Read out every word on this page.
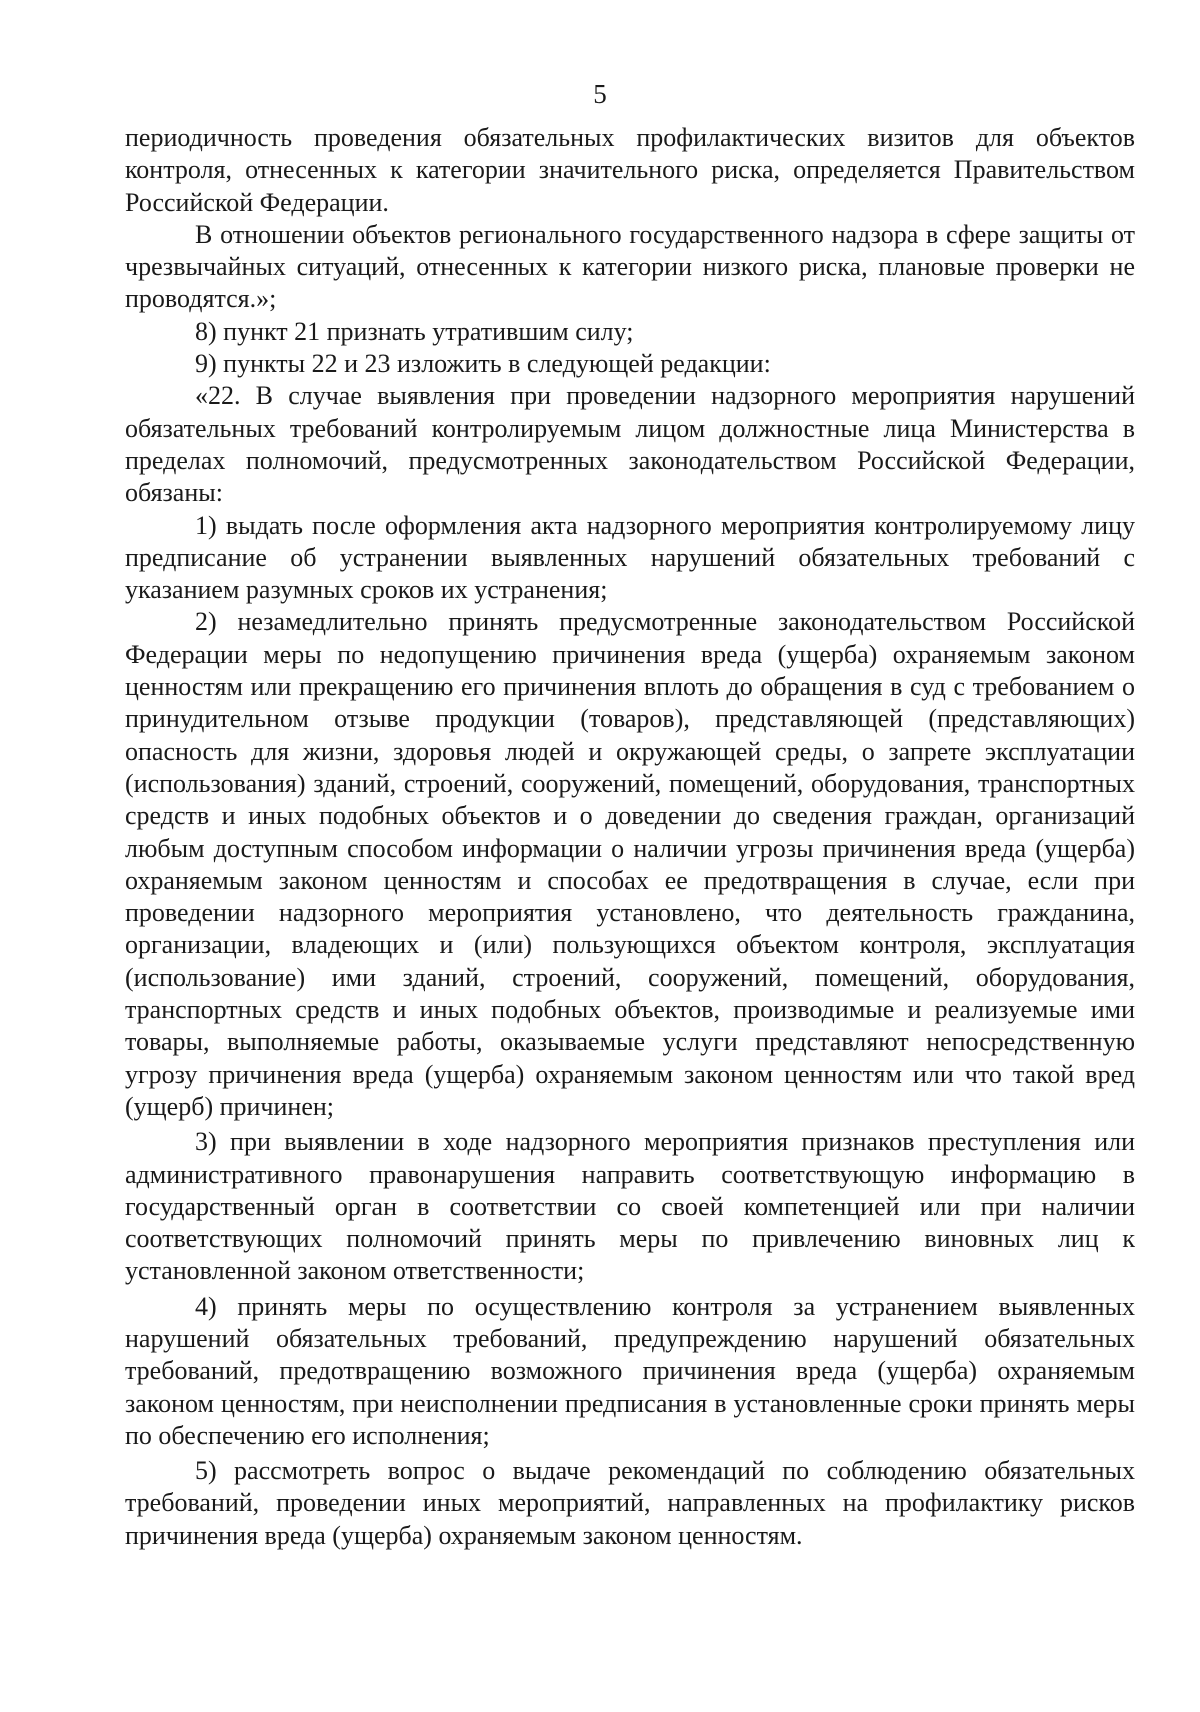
5

периодичность проведения обязательных профилактических визитов для объектов контроля, отнесенных к категории значительного риска, определяется Правительством Российской Федерации.

В отношении объектов регионального государственного надзора в сфере защиты от чрезвычайных ситуаций, отнесенных к категории низкого риска, плановые проверки не проводятся.»;

8) пункт 21 признать утратившим силу;

9) пункты 22 и 23 изложить в следующей редакции:

«22. В случае выявления при проведении надзорного мероприятия нарушений обязательных требований контролируемым лицом должностные лица Министерства в пределах полномочий, предусмотренных законодательством Российской Федерации, обязаны:

1) выдать после оформления акта надзорного мероприятия контролируемому лицу предписание об устранении выявленных нарушений обязательных требований с указанием разумных сроков их устранения;

2) незамедлительно принять предусмотренные законодательством Российской Федерации меры по недопущению причинения вреда (ущерба) охраняемым законом ценностям или прекращению его причинения вплоть до обращения в суд с требованием о принудительном отзыве продукции (товаров), представляющей (представляющих) опасность для жизни, здоровья людей и окружающей среды, о запрете эксплуатации (использования) зданий, строений, сооружений, помещений, оборудования, транспортных средств и иных подобных объектов и о доведении до сведения граждан, организаций любым доступным способом информации о наличии угрозы причинения вреда (ущерба) охраняемым законом ценностям и способах ее предотвращения в случае, если при проведении надзорного мероприятия установлено, что деятельность гражданина, организации, владеющих и (или) пользующихся объектом контроля, эксплуатация (использование) ими зданий, строений, сооружений, помещений, оборудования, транспортных средств и иных подобных объектов, производимые и реализуемые ими товары, выполняемые работы, оказываемые услуги представляют непосредственную угрозу причинения вреда (ущерба) охраняемым законом ценностям или что такой вред (ущерб) причинен;

3) при выявлении в ходе надзорного мероприятия признаков преступления или административного правонарушения направить соответствующую информацию в государственный орган в соответствии со своей компетенцией или при наличии соответствующих полномочий принять меры по привлечению виновных лиц к установленной законом ответственности;

4) принять меры по осуществлению контроля за устранением выявленных нарушений обязательных требований, предупреждению нарушений обязательных требований, предотвращению возможного причинения вреда (ущерба) охраняемым законом ценностям, при неисполнении предписания в установленные сроки принять меры по обеспечению его исполнения;

5) рассмотреть вопрос о выдаче рекомендаций по соблюдению обязательных требований, проведении иных мероприятий, направленных на профилактику рисков причинения вреда (ущерба) охраняемым законом ценностям.
